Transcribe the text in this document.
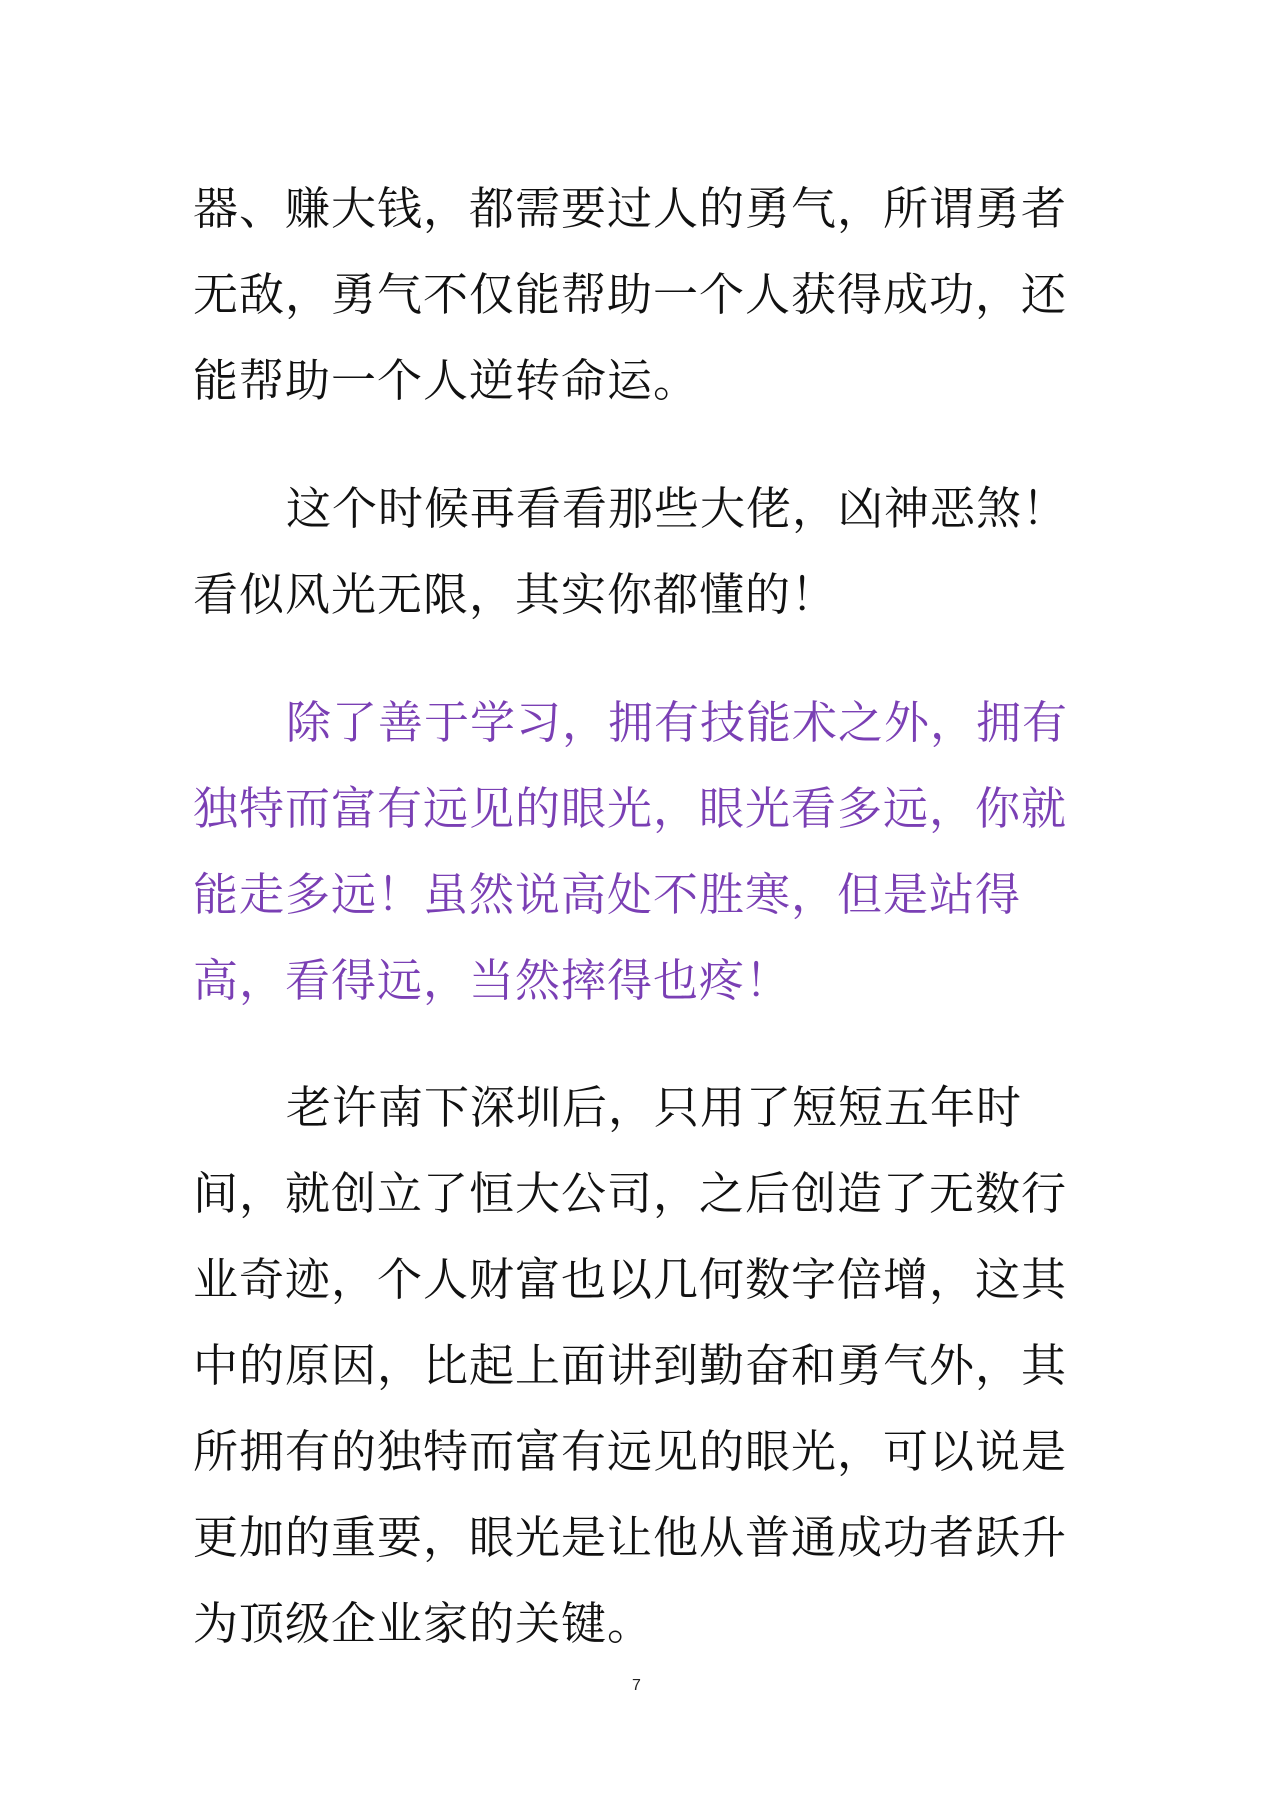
器、赚大钱，都需要过人的勇气，所谓勇者无敌，勇气不仅能帮助一个人获得成功，还能帮助一个人逆转命运。

这个时候再看看那些大佬，凶神恶煞！看似风光无限，其实你都懂的！

除了善于学习，拥有技能术之外，拥有独特而富有远见的眼光，眼光看多远，你就能走多远！虽然说高处不胜寒，但是站得高，看得远，当然摔得也疼！

老许南下深圳后，只用了短短五年时间，就创立了恒大公司，之后创造了无数行业奇迹，个人财富也以几何数字倍增，这其中的原因，比起上面讲到勤奋和勇气外，其所拥有的独特而富有远见的眼光，可以说是更加的重要，眼光是让他从普通成功者跃升为顶级企业家的关键。

7
